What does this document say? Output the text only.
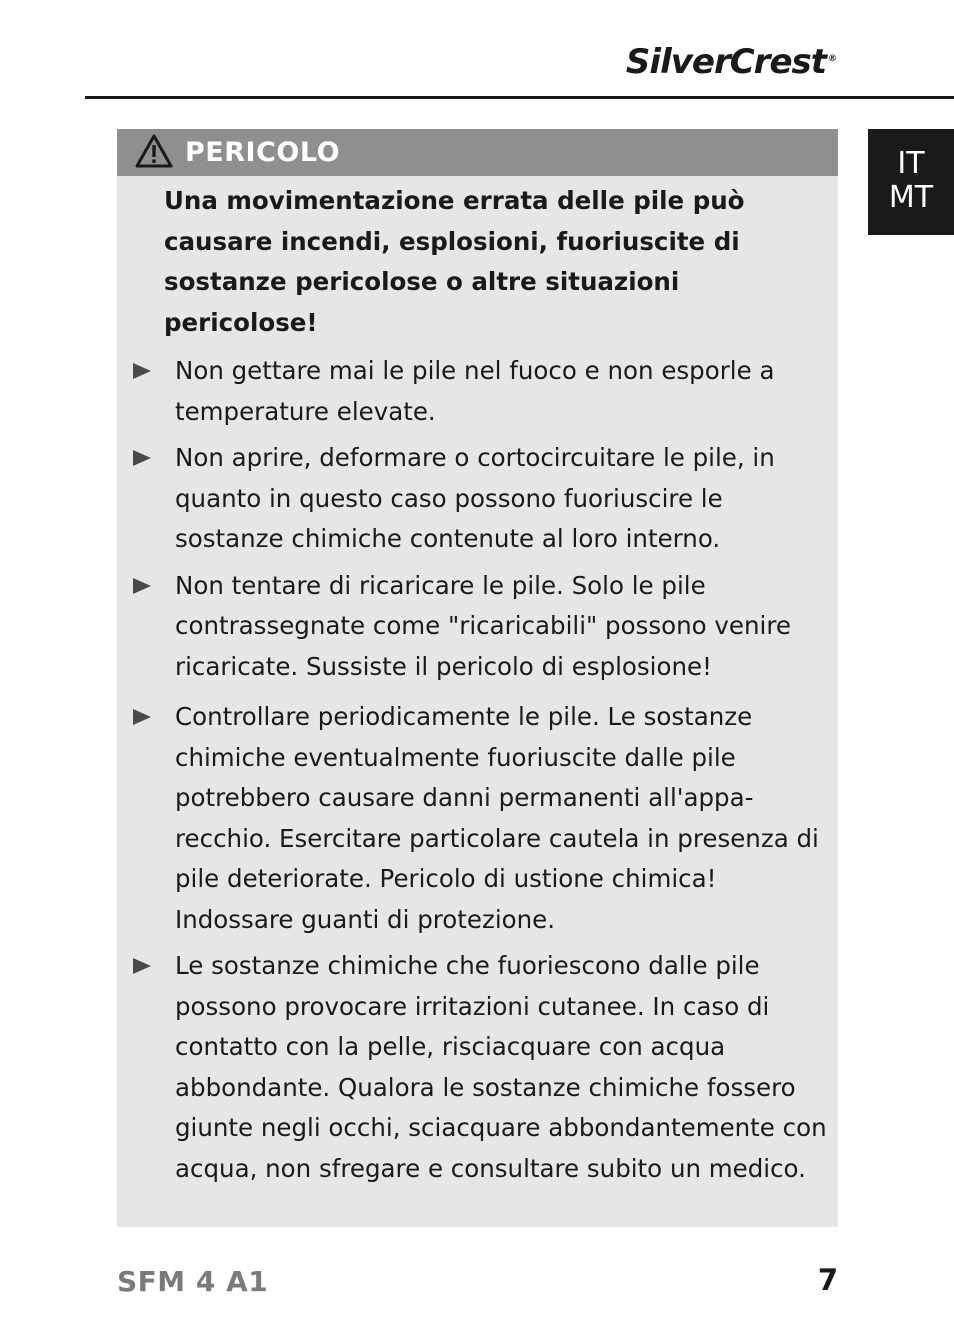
SilverCrest ®
IT
MT
PERICOLO
Una movimentazione errata delle pile può causare incendi, esplosioni, fuoriuscite di sostanze pericolose o altre situazioni pericolose!
Non gettare mai le pile nel fuoco e non esporle a temperature elevate.
Non aprire, deformare o cortocircuitare le pile, in quanto in questo caso possono fuoriuscire le sostanze chimiche contenute al loro interno.
Non tentare di ricaricare le pile. Solo le pile contrassegnate come "ricaricabili" possono venire ricaricate. Sussiste il pericolo di esplosione!
Controllare periodicamente le pile. Le sostanze chimiche eventualmente fuoriuscite dalle pile potrebbero causare danni permanenti all'appa-recchio. Esercitare particolare cautela in presenza di pile deteriorate. Pericolo di ustione chimica! Indossare guanti di protezione.
Le sostanze chimiche che fuoriescono dalle pile possono provocare irritazioni cutanee. In caso di contatto con la pelle, risciacquare con acqua abbondante. Qualora le sostanze chimiche fossero giunte negli occhi, sciacquare abbondantemente con acqua, non sfregare e consultare subito un medico.
SFM 4 A1	7
